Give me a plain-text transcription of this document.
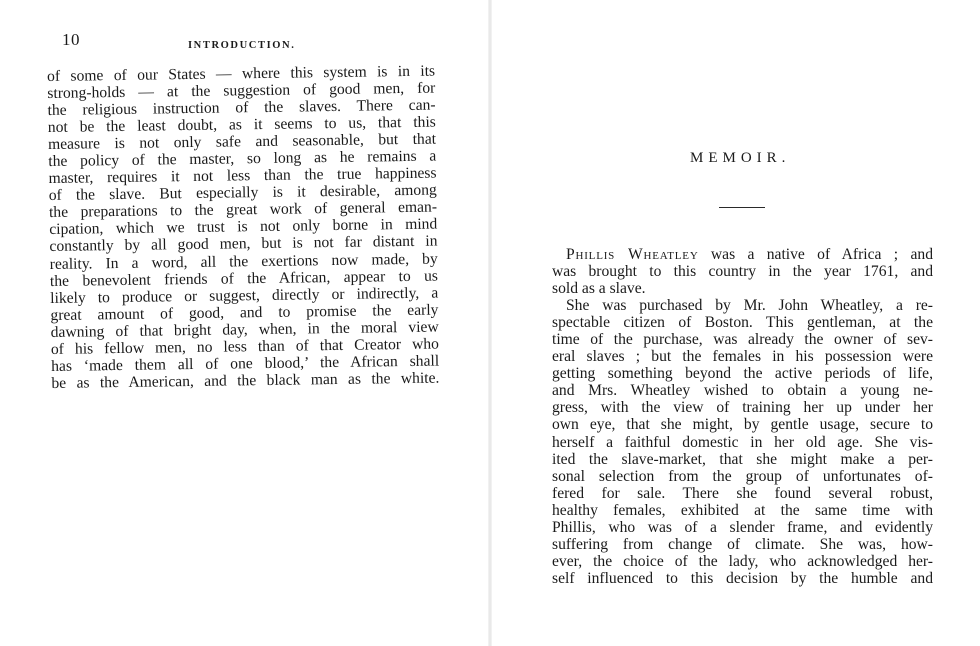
10	INTRODUCTION.
of some of our States — where this system is in its
strong-holds — at the suggestion of good men, for
the religious instruction of the slaves. There can-
not be the least doubt, as it seems to us, that this
measure is not only safe and seasonable, but that
the policy of the master, so long as he remains a
master, requires it not less than the true happiness
of the slave. But especially is it desirable, among
the preparations to the great work of general eman-
cipation, which we trust is not only borne in mind
constantly by all good men, but is not far distant in
reality. In a word, all the exertions now made, by
the benevolent friends of the African, appear to us
likely to produce or suggest, directly or indirectly, a
great amount of good, and to promise the early
dawning of that bright day, when, in the moral view
of his fellow men, no less than of that Creator who
has ‘made them all of one blood,’ the African shall
be as the American, and the black man as the white.
MEMOIR.
Phillis Wheatley was a native of Africa ; and
was brought to this country in the year 1761, and
sold as a slave.
She was purchased by Mr. John Wheatley, a re-
spectable citizen of Boston. This gentleman, at the
time of the purchase, was already the owner of sev-
eral slaves ; but the females in his possession were
getting something beyond the active periods of life,
and Mrs. Wheatley wished to obtain a young ne-
gress, with the view of training her up under her
own eye, that she might, by gentle usage, secure to
herself a faithful domestic in her old age. She vis-
ited the slave-market, that she might make a per-
sonal selection from the group of unfortunates of-
fered for sale. There she found several robust,
healthy females, exhibited at the same time with
Phillis, who was of a slender frame, and evidently
suffering from change of climate. She was, how-
ever, the choice of the lady, who acknowledged her-
self influenced to this decision by the humble and
